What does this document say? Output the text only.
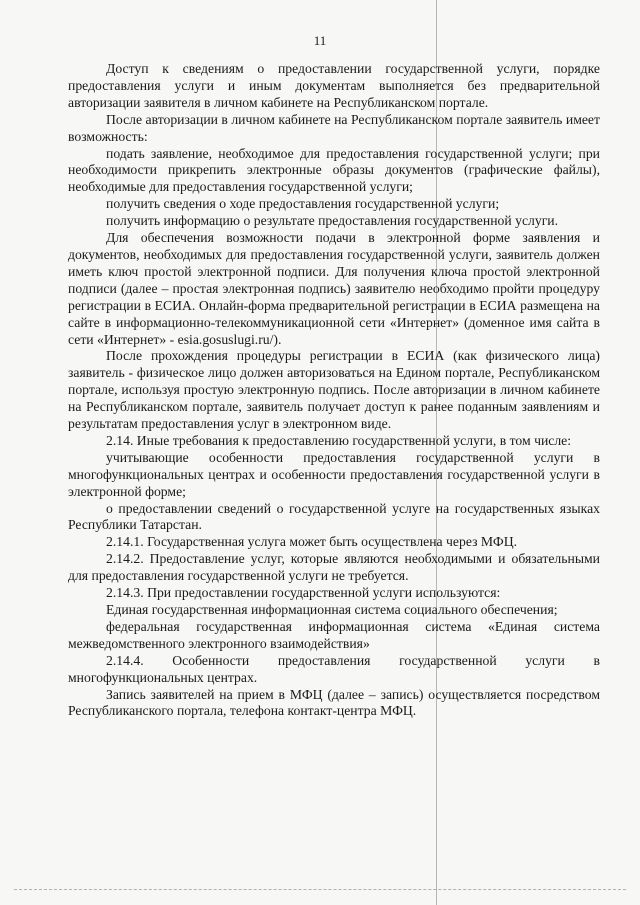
11

Доступ к сведениям о предоставлении государственной услуги, порядке предоставления услуги и иным документам выполняется без предварительной авторизации заявителя в личном кабинете на Республиканском портале.

После авторизации в личном кабинете на Республиканском портале заявитель имеет возможность:

подать заявление, необходимое для предоставления государственной услуги; при необходимости прикрепить электронные образы документов (графические файлы), необходимые для предоставления государственной услуги;

получить сведения о ходе предоставления государственной услуги;

получить информацию о результате предоставления государственной услуги.

Для обеспечения возможности подачи в электронной форме заявления и документов, необходимых для предоставления государственной услуги, заявитель должен иметь ключ простой электронной подписи. Для получения ключа простой электронной подписи (далее – простая электронная подпись) заявителю необходимо пройти процедуру регистрации в ЕСИА. Онлайн-форма предварительной регистрации в ЕСИА размещена на сайте в информационно-телекоммуникационной сети «Интернет» (доменное имя сайта в сети «Интернет» - esia.gosuslugi.ru/).

После прохождения процедуры регистрации в ЕСИА (как физического лица) заявитель - физическое лицо должен авторизоваться на Едином портале, Республиканском портале, используя простую электронную подпись. После авторизации в личном кабинете на Республиканском портале, заявитель получает доступ к ранее поданным заявлениям и результатам предоставления услуг в электронном виде.

2.14. Иные требования к предоставлению государственной услуги, в том числе:

учитывающие особенности предоставления государственной услуги в многофункциональных центрах и особенности предоставления государственной услуги в электронной форме;

о предоставлении сведений о государственной услуге на государственных языках Республики Татарстан.

2.14.1. Государственная услуга может быть осуществлена через МФЦ.

2.14.2. Предоставление услуг, которые являются необходимыми и обязательными для предоставления государственной услуги не требуется.

2.14.3. При предоставлении государственной услуги используются:

Единая государственная информационная система социального обеспечения;

федеральная государственная информационная система «Единая система межведомственного электронного взаимодействия»

2.14.4. Особенности предоставления государственной услуги в многофункциональных центрах.

Запись заявителей на прием в МФЦ (далее – запись) осуществляется посредством Республиканского портала, телефона контакт-центра МФЦ.
